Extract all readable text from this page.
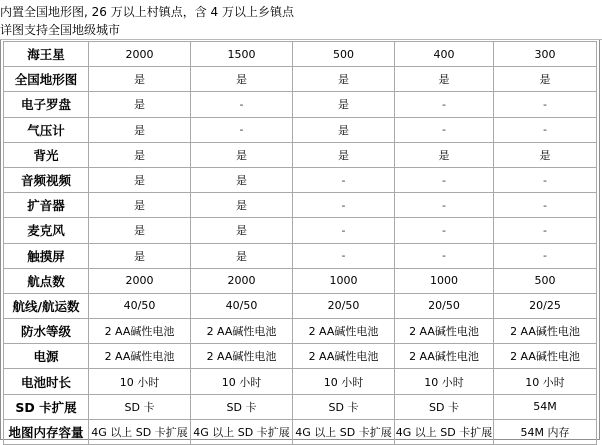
内置全国地形图, 26 万以上村镇点，含 4 万以上乡镇点
详图支持全国地级城市
海王星	2000	1500	500	400	300
全国地形图	是	是	是	是	是
电子罗盘	是	-	是	-	-
气压计	是	-	是	-	-
背光	是	是	是	是	是
音频视频	是	是	-	-	-
扩音器	是	是	-	-	-
麦克风	是	是	-	-	-
触摸屏	是	是	-	-	-
航点数	2000	2000	1000	1000	500
航线/航运数	40/50	40/50	20/50	20/50	20/25
防水等级	2 AA碱性电池	2 AA碱性电池	2 AA碱性电池	2 AA碱性电池	2 AA碱性电池
电源	2 AA碱性电池	2 AA碱性电池	2 AA碱性电池	2 AA碱性电池	2 AA碱性电池
电池时长	10 小时	10 小时	10 小时	10 小时	10 小时
SD 卡扩展	SD 卡	SD 卡	SD 卡	SD 卡	54M
地图内存容量	4G 以上 SD 卡扩展	4G 以上 SD 卡扩展	4G 以上 SD 卡扩展	4G 以上 SD 卡扩展	54M 内存
